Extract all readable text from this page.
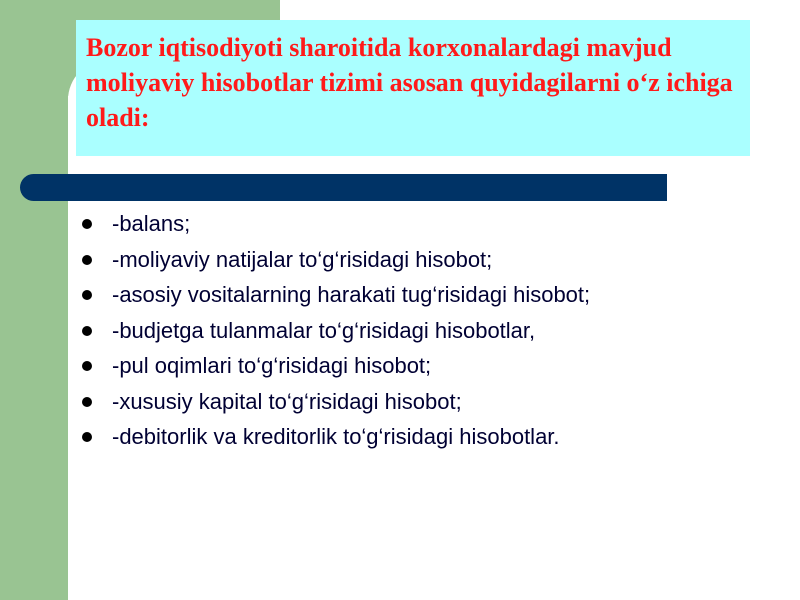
Bozor iqtisodiyoti sharoitida korxonalardagi mavjud moliyaviy hisobotlar tizimi asosan quyidagilarni o‘z ichiga oladi:
-balans;
-moliyaviy natijalar to‘g‘risidagi hisobot;
-asosiy vositalarning harakati tug‘risidagi hisobot;
-budjetga tulanmalar to‘g‘risidagi hisobotlar,
-pul oqimlari to‘g‘risidagi hisobot;
-xususiy kapital to‘g‘risidagi hisobot;
-debitorlik va kreditorlik to‘g‘risidagi hisobotlar.
